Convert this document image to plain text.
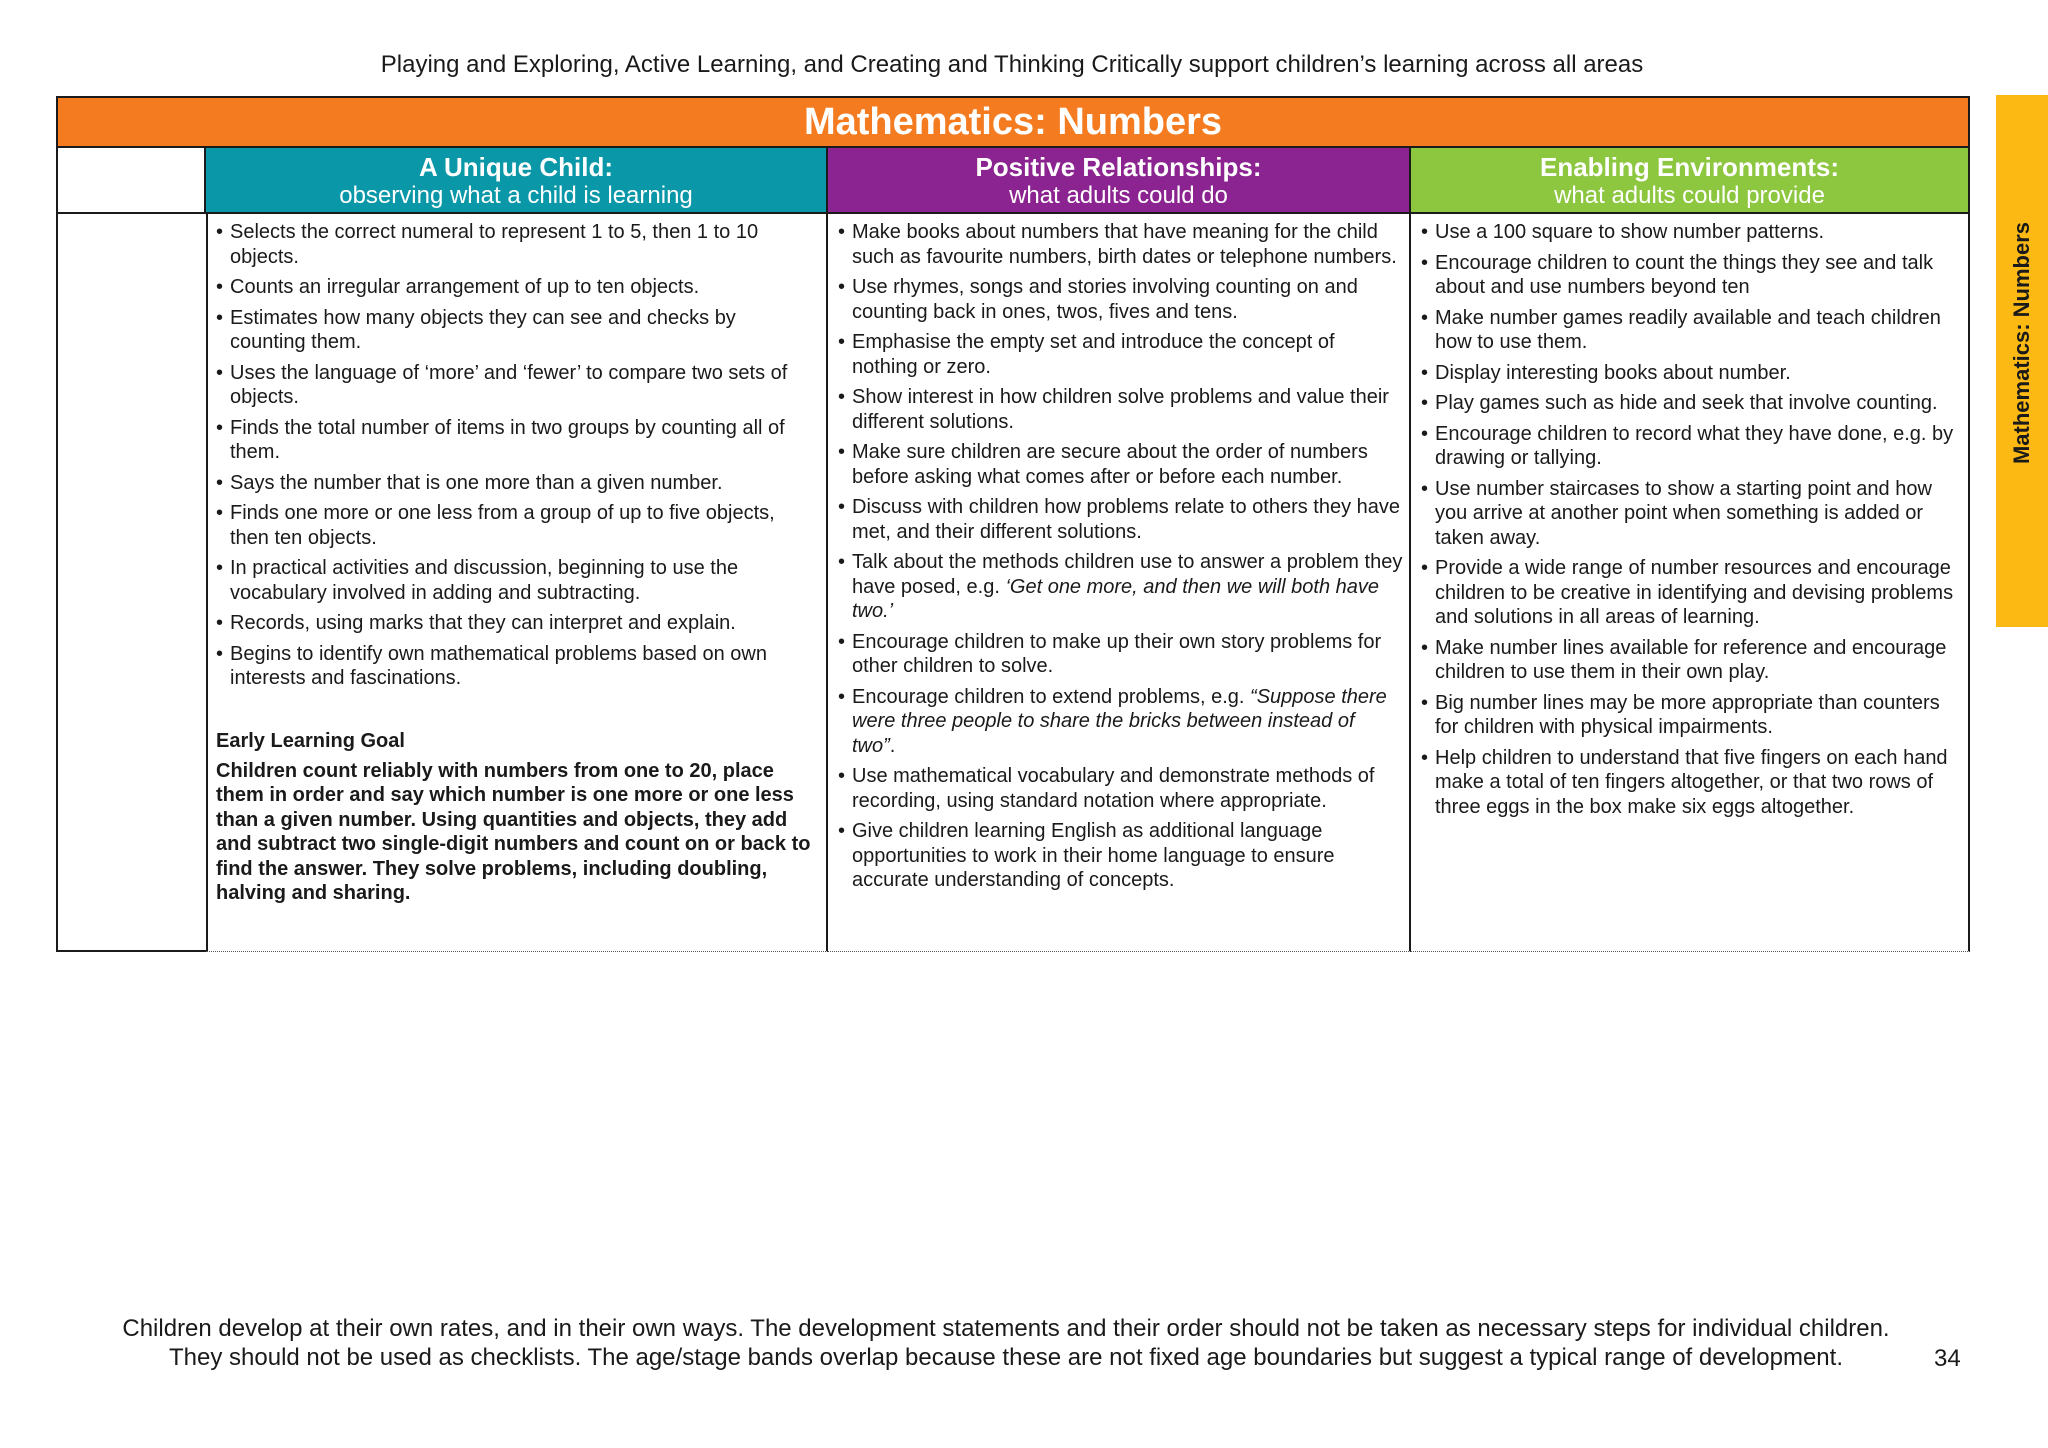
Playing and Exploring, Active Learning, and Creating and Thinking Critically support children’s learning across all areas
Mathematics: Numbers
Mathematics: Numbers
A Unique Child:
observing what a child is learning
Positive Relationships:
what adults could do
Enabling Environments:
what adults could provide
• Selects the correct numeral to represent 1 to 5, then 1 to 10 objects.
• Counts an irregular arrangement of up to ten objects.
• Estimates how many objects they can see and checks by counting them.
• Uses the language of ‘more’ and ‘fewer’ to compare two sets of objects.
• Finds the total number of items in two groups by counting all of them.
• Says the number that is one more than a given number.
• Finds one more or one less from a group of up to five objects, then ten objects.
• In practical activities and discussion, beginning to use the vocabulary involved in adding and subtracting.
• Records, using marks that they can interpret and explain.
• Begins to identify own mathematical problems based on own interests and fascinations.
Early Learning Goal
Children count reliably with numbers from one to 20, place them in order and say which number is one more or one less than a given number. Using quantities and objects, they add and subtract two single-digit numbers and count on or back to find the answer. They solve problems, including doubling, halving and sharing.
• Make books about numbers that have meaning for the child such as favourite numbers, birth dates or telephone numbers.
• Use rhymes, songs and stories involving counting on and counting back in ones, twos, fives and tens.
• Emphasise the empty set and introduce the concept of nothing or zero.
• Show interest in how children solve problems and value their different solutions.
• Make sure children are secure about the order of numbers before asking what comes after or before each number.
• Discuss with children how problems relate to others they have met, and their different solutions.
• Talk about the methods children use to answer a problem they have posed, e.g. ‘Get one more, and then we will both have two.’
• Encourage children to make up their own story problems for other children to solve.
• Encourage children to extend problems, e.g. “Suppose there were three people to share the bricks between instead of two”.
• Use mathematical vocabulary and demonstrate methods of recording, using standard notation where appropriate.
• Give children learning English as additional language opportunities to work in their home language to ensure accurate understanding of concepts.
• Use a 100 square to show number patterns.
• Encourage children to count the things they see and talk about and use numbers beyond ten
• Make number games readily available and teach children how to use them.
• Display interesting books about number.
• Play games such as hide and seek that involve counting.
• Encourage children to record what they have done, e.g. by drawing or tallying.
• Use number staircases to show a starting point and how you arrive at another point when something is added or taken away.
• Provide a wide range of number resources and encourage children to be creative in identifying and devising problems and solutions in all areas of learning.
• Make number lines available for reference and encourage children to use them in their own play.
• Big number lines may be more appropriate than counters for children with physical impairments.
• Help children to understand that five fingers on each hand make a total of ten fingers altogether, or that two rows of three eggs in the box make six eggs altogether.
Children develop at their own rates, and in their own ways. The development statements and their order should not be taken as necessary steps for individual children.
They should not be used as checklists. The age/stage bands overlap because these are not fixed age boundaries but suggest a typical range of development.	34
